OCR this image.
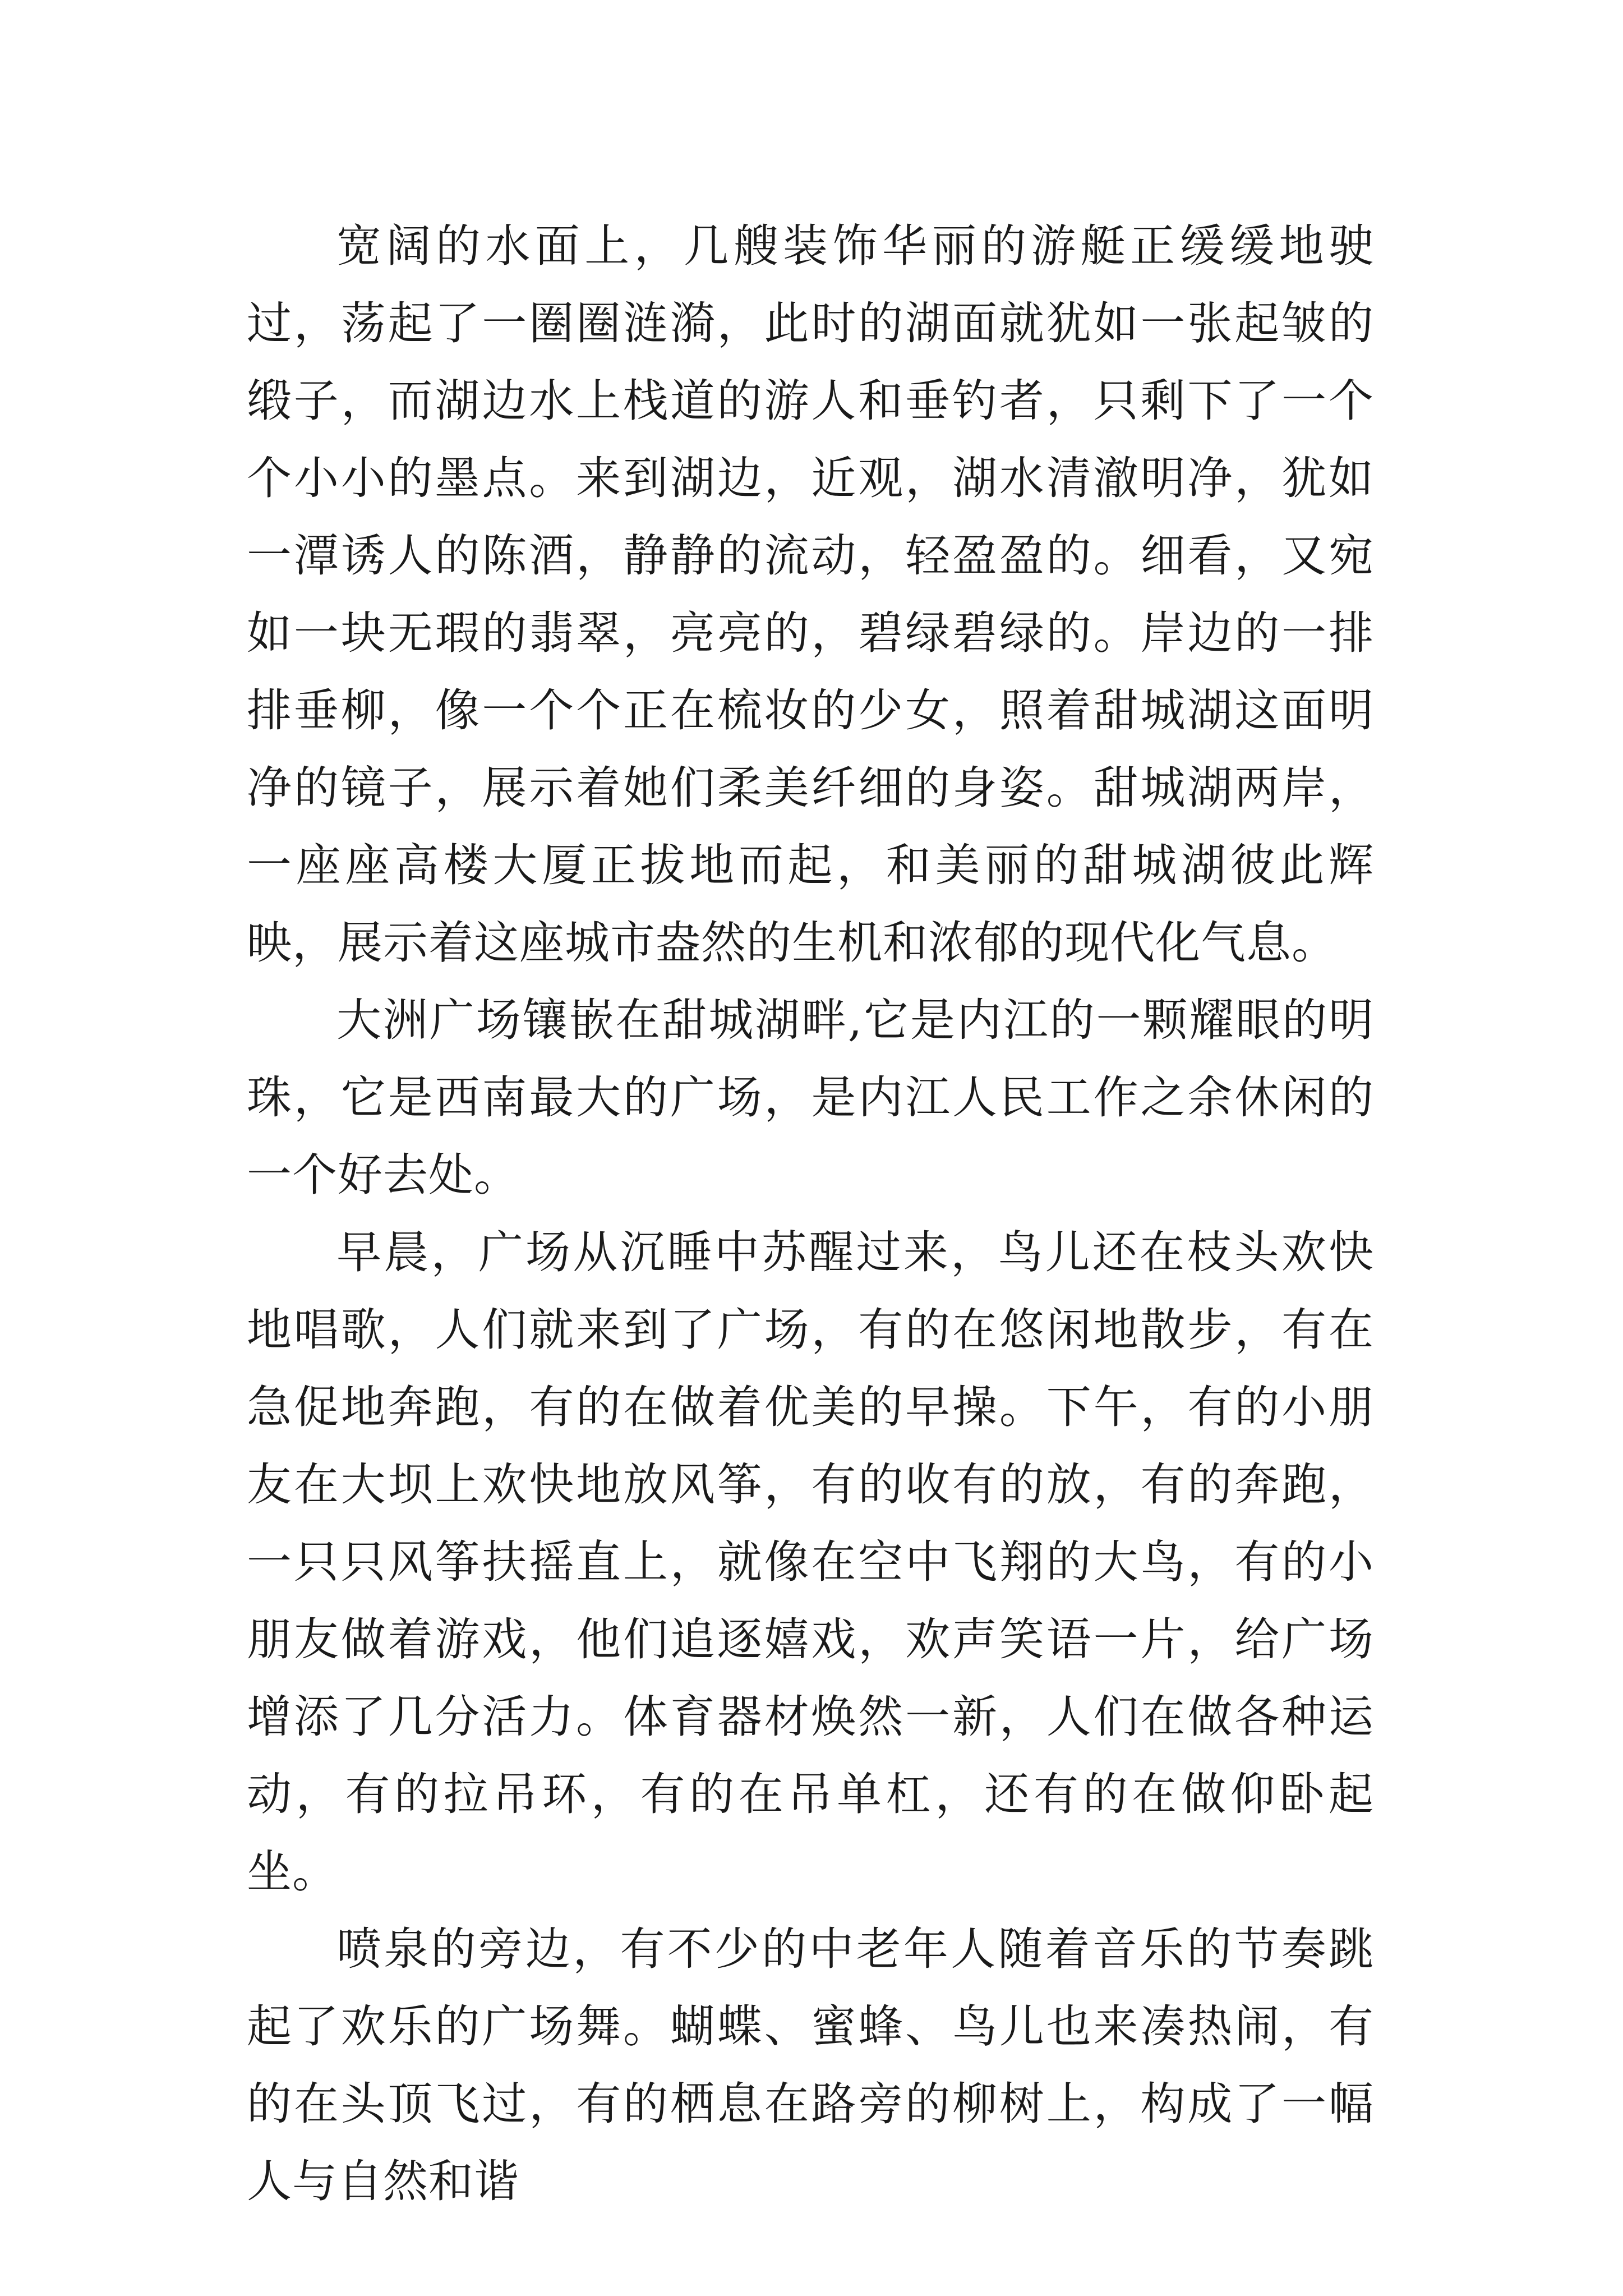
宽阔的水面上，几艘装饰华丽的游艇正缓缓地驶过，荡起了一圈圈涟漪，此时的湖面就犹如一张起皱的缎子，而湖边水上栈道的游人和垂钓者，只剩下了一个个小小的墨点。来到湖边，近观，湖水清澈明净，犹如一潭诱人的陈酒，静静的流动，轻盈盈的。细看，又宛如一块无瑕的翡翠，亮亮的，碧绿碧绿的。岸边的一排排垂柳，像一个个正在梳妆的少女，照着甜城湖这面明净的镜子，展示着她们柔美纤细的身姿。甜城湖两岸，一座座高楼大厦正拔地而起，和美丽的甜城湖彼此辉映，展示着这座城市盎然的生机和浓郁的现代化气息。

大洲广场镶嵌在甜城湖畔,它是内江的一颗耀眼的明珠，它是西南最大的广场，是内江人民工作之余休闲的一个好去处。

早晨，广场从沉睡中苏醒过来，鸟儿还在枝头欢快地唱歌，人们就来到了广场，有的在悠闲地散步，有在急促地奔跑，有的在做着优美的早操。下午，有的小朋友在大坝上欢快地放风筝，有的收有的放，有的奔跑，一只只风筝扶摇直上，就像在空中飞翔的大鸟，有的小朋友做着游戏，他们追逐嬉戏，欢声笑语一片，给广场增添了几分活力。体育器材焕然一新，人们在做各种运动，有的拉吊环，有的在吊单杠，还有的在做仰卧起坐。

喷泉的旁边，有不少的中老年人随着音乐的节奏跳起了欢乐的广场舞。蝴蝶、蜜蜂、鸟儿也来凑热闹，有的在头顶飞过，有的栖息在路旁的柳树上，构成了一幅人与自然和谐
